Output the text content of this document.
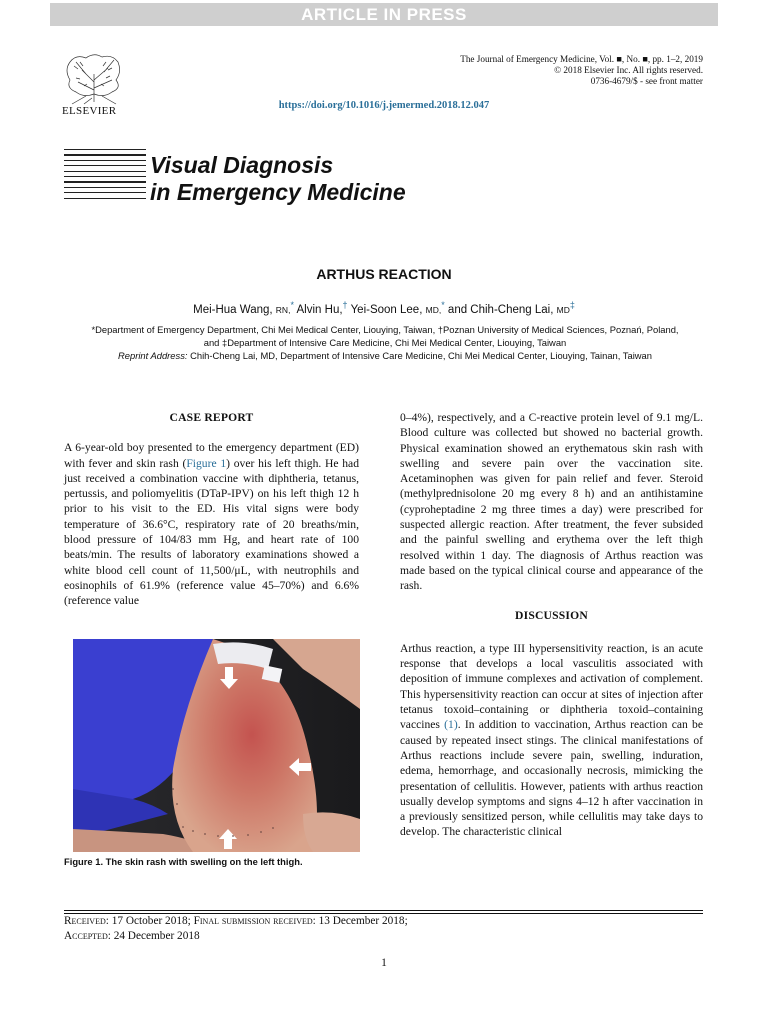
ARTICLE IN PRESS
ELSEVIER
The Journal of Emergency Medicine, Vol. ■, No. ■, pp. 1–2, 2019
© 2018 Elsevier Inc. All rights reserved.
0736-4679/$ - see front matter
https://doi.org/10.1016/j.jemermed.2018.12.047
Visual Diagnosis
in Emergency Medicine
ARTHUS REACTION
Mei-Hua Wang, RN,* Alvin Hu,† Yei-Soon Lee, MD,* and Chih-Cheng Lai, MD‡
*Department of Emergency Department, Chi Mei Medical Center, Liouying, Taiwan, †Poznan University of Medical Sciences, Poznań, Poland,
and ‡Department of Intensive Care Medicine, Chi Mei Medical Center, Liouying, Taiwan
Reprint Address: Chih-Cheng Lai, MD, Department of Intensive Care Medicine, Chi Mei Medical Center, Liouying, Tainan, Taiwan
CASE REPORT
A 6-year-old boy presented to the emergency department (ED) with fever and skin rash (Figure 1) over his left thigh. He had just received a combination vaccine with diphtheria, tetanus, pertussis, and poliomyelitis (DTaP-IPV) on his left thigh 12 h prior to his visit to the ED. His vital signs were body temperature of 36.6°C, respiratory rate of 20 breaths/min, blood pressure of 104/83 mm Hg, and heart rate of 100 beats/min. The results of laboratory examinations showed a white blood cell count of 11,500/μL, with neutrophils and eosinophils of 61.9% (reference value 45–70%) and 6.6% (reference value
Figure 1. The skin rash with swelling on the left thigh.
0–4%), respectively, and a C-reactive protein level of 9.1 mg/L. Blood culture was collected but showed no bacterial growth. Physical examination showed an erythematous skin rash with swelling and severe pain over the vaccination site. Acetaminophen was given for pain relief and fever. Steroid (methylprednisolone 20 mg every 8 h) and an antihistamine (cyproheptadine 2 mg three times a day) were prescribed for suspected allergic reaction. After treatment, the fever subsided and the painful swelling and erythema over the left thigh resolved within 1 day. The diagnosis of Arthus reaction was made based on the typical clinical course and appearance of the rash.
DISCUSSION
Arthus reaction, a type III hypersensitivity reaction, is an acute response that develops a local vasculitis associated with deposition of immune complexes and activation of complement. This hypersensitivity reaction can occur at sites of injection after tetanus toxoid–containing or diphtheria toxoid–containing vaccines (1). In addition to vaccination, Arthus reaction can be caused by repeated insect stings. The clinical manifestations of Arthus reactions include severe pain, swelling, induration, edema, hemorrhage, and occasionally necrosis, mimicking the presentation of cellulitis. However, patients with arthus reaction usually develop symptoms and signs 4–12 h after vaccination in a previously sensitized person, while cellulitis may take days to develop. The characteristic clinical
Received: 17 October 2018; Final submission received: 13 December 2018;
Accepted: 24 December 2018
1
